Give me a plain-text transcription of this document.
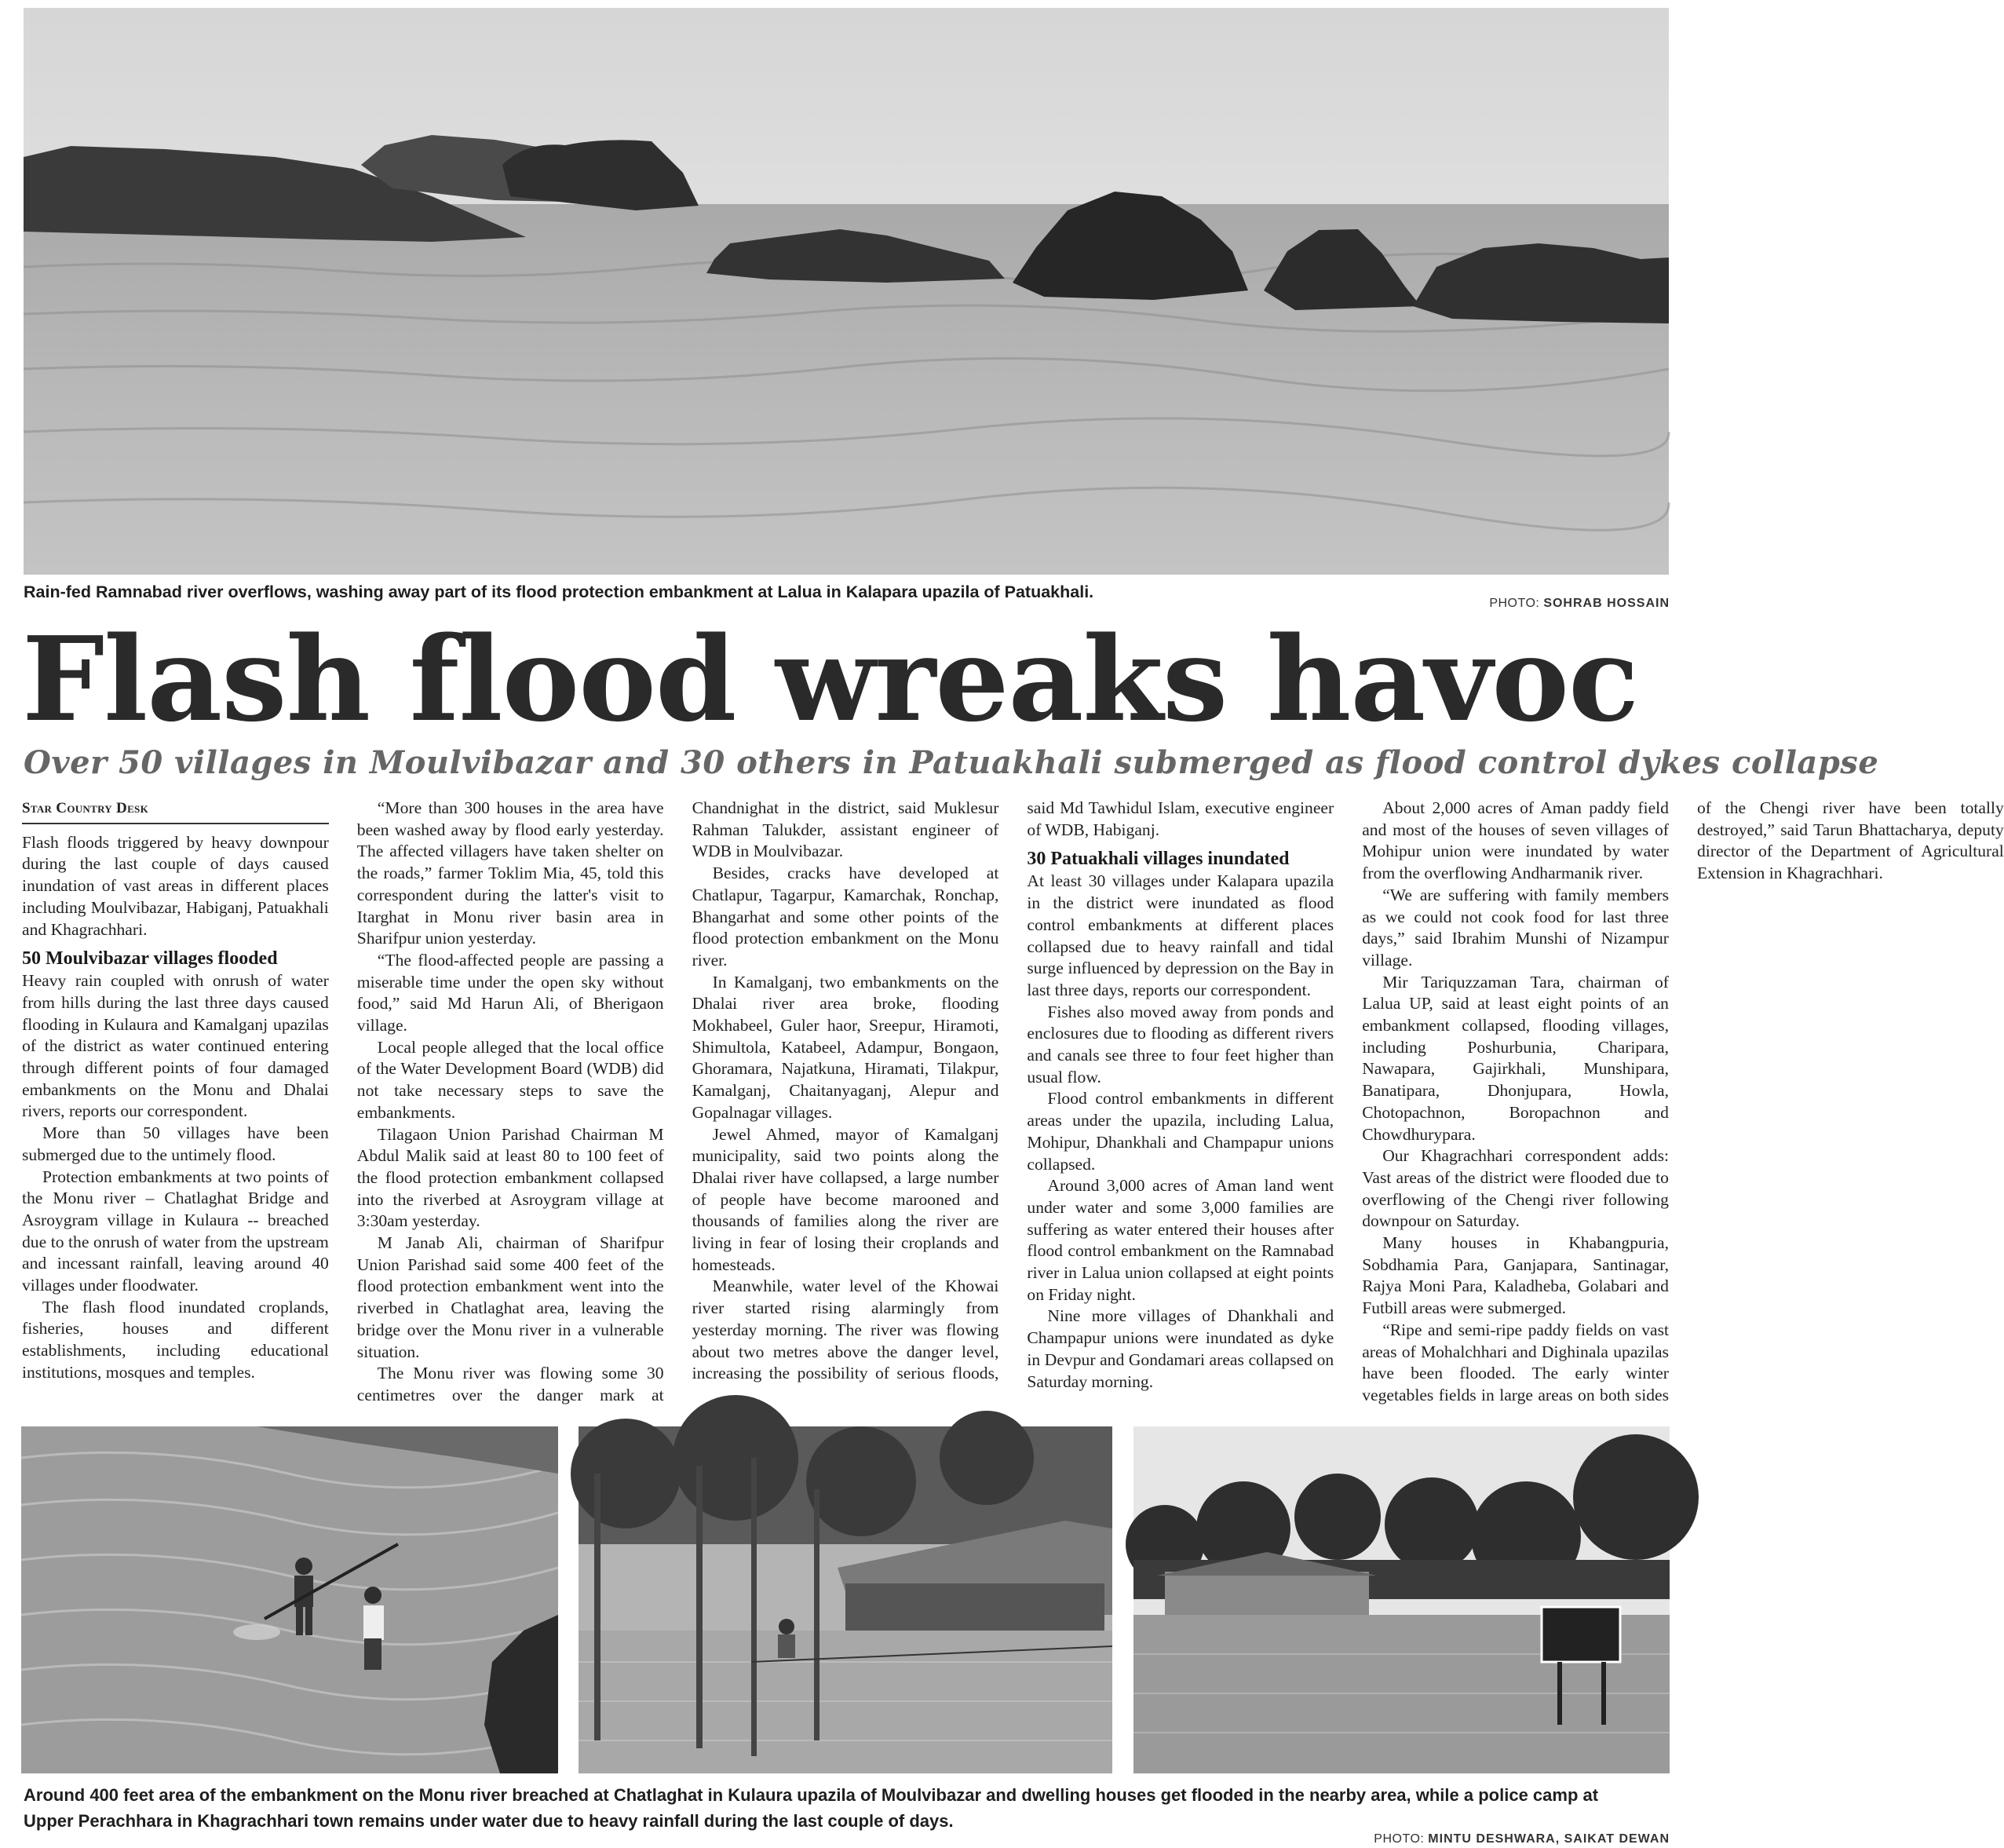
Rain-fed Ramnabad river overflows, washing away part of its flood protection embankment at Lalua in Kalapara upazila of Patuakhali.
PHOTO: SOHRAB HOSSAIN
Flash flood wreaks havoc
Over 50 villages in Moulvibazar and 30 others in Patuakhali submerged as flood control dykes collapse
Star Country Desk

Flash floods triggered by heavy downpour during the last couple of days caused inundation of vast areas in different places including Moulvibazar, Habiganj, Patuakhali and Khagrachhari.

50 Moulvibazar villages flooded

Heavy rain coupled with onrush of water from hills during the last three days caused flooding in Kulaura and Kamalganj upazilas of the district as water continued entering through different points of four damaged embankments on the Monu and Dhalai rivers, reports our correspondent.

More than 50 villages have been submerged due to the untimely flood.

Protection embankments at two points of the Monu river – Chatlaghat Bridge and Asroygram village in Kulaura -- breached due to the onrush of water from the upstream and incessant rainfall, leaving around 40 villages under floodwater.

The flash flood inundated croplands, fisheries, houses and different establishments, including educational institutions, mosques and temples.

“More than 300 houses in the area have been washed away by flood early yesterday. The affected villagers have taken shelter on the roads,” farmer Toklim Mia, 45, told this correspondent during the latter's visit to Itarghat in Monu river basin area in Sharifpur union yesterday.

“The flood-affected people are passing a miserable time under the open sky without food,” said Md Harun Ali, of Bherigaon village.

Local people alleged that the local office of the Water Development Board (WDB) did not take necessary steps to save the embankments.

Tilagaon Union Parishad Chairman M Abdul Malik said at least 80 to 100 feet of the flood protection embankment collapsed into the riverbed at Asroygram village at 3:30am yesterday.

M Janab Ali, chairman of Sharifpur Union Parishad said some 400 feet of the flood protection embankment went into the riverbed in Chatlaghat area, leaving the bridge over the Monu river in a vulnerable situation.

The Monu river was flowing some 30 centimetres over the danger mark at Chandnighat in the district, said Muklesur Rahman Talukder, assistant engineer of WDB in Moulvibazar.

Besides, cracks have developed at Chatlapur, Tagarpur, Kamarchak, Ronchap, Bhangarhat and some other points of the flood protection embankment on the Monu river.

In Kamalganj, two embankments on the Dhalai river area broke, flooding Mokhabeel, Guler haor, Sreepur, Hiramoti, Shimultola, Katabeel, Adampur, Bongaon, Ghoramara, Najatkuna, Hiramati, Tilakpur, Kamalganj, Chaitanyaganj, Alepur and Gopalnagar villages.

Jewel Ahmed, mayor of Kamalganj municipality, said two points along the Dhalai river have collapsed, a large number of people have become marooned and thousands of families along the river are living in fear of losing their croplands and homesteads.

Meanwhile, water level of the Khowai river started rising alarmingly from yesterday morning. The river was flowing about two metres above the danger level, increasing the possibility of serious floods, said Md Tawhidul Islam, executive engineer of WDB, Habiganj.

30 Patuakhali villages inundated

At least 30 villages under Kalapara upazila in the district were inundated as flood control embankments at different places collapsed due to heavy rainfall and tidal surge influenced by depression on the Bay in last three days, reports our correspondent.

Fishes also moved away from ponds and enclosures due to flooding as different rivers and canals see three to four feet higher than usual flow.

Flood control embankments in different areas under the upazila, including Lalua, Mohipur, Dhankhali and Champapur unions collapsed.

Around 3,000 acres of Aman land went under water and some 3,000 families are suffering as water entered their houses after flood control embankment on the Ramnabad river in Lalua union collapsed at eight points on Friday night.

Nine more villages of Dhankhali and Champapur unions were inundated as dyke in Devpur and Gondamari areas collapsed on Saturday morning.

About 2,000 acres of Aman paddy field and most of the houses of seven villages of Mohipur union were inundated by water from the overflowing Andharmanik river.

“We are suffering with family members as we could not cook food for last three days,” said Ibrahim Munshi of Nizampur village.

Mir Tariquzzaman Tara, chairman of Lalua UP, said at least eight points of an embankment collapsed, flooding villages, including Poshurbunia, Charipara, Nawapara, Gajirkhali, Munshipara, Banatipara, Dhonjupara, Howla, Chotopachnon, Boropachnon and Chowdhurypara.

Our Khagrachhari correspondent adds: Vast areas of the district were flooded due to overflowing of the Chengi river following downpour on Saturday.

Many houses in Khabangpuria, Sobdhamia Para, Ganjapara, Santinagar, Rajya Moni Para, Kaladheba, Golabari and Futbill areas were submerged.

“Ripe and semi-ripe paddy fields on vast areas of Mohalchhari and Dighinala upazilas have been flooded. The early winter vegetables fields in large areas on both sides of the Chengi river have been totally destroyed,” said Tarun Bhattacharya, deputy director of the Department of Agricultural Extension in Khagrachhari.

Around 400 feet area of the embankment on the Monu river breached at Chatlaghat in Kulaura upazila of Moulvibazar and dwelling houses get flooded in the nearby area, while a police camp at Upper Perachhara in Khagrachhari town remains under water due to heavy rainfall during the last couple of days.
PHOTO: MINTU DESHWARA, SAIKAT DEWAN
